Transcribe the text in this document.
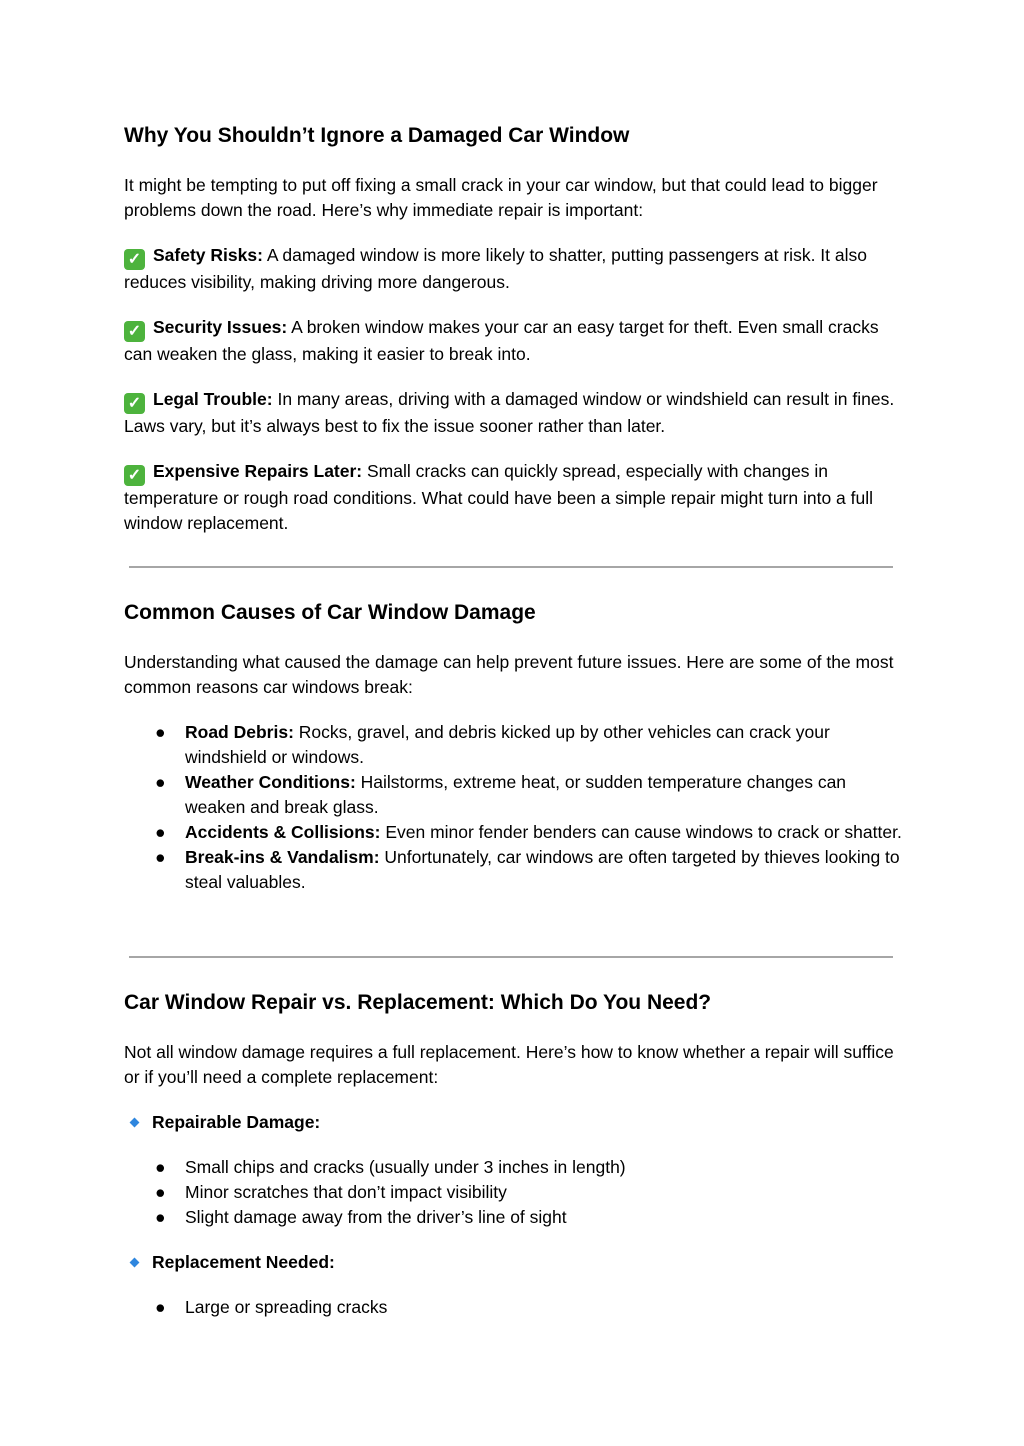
Why You Shouldn’t Ignore a Damaged Car Window

It might be tempting to put off fixing a small crack in your car window, but that could lead to bigger problems down the road. Here’s why immediate repair is important:

✓ Safety Risks: A damaged window is more likely to shatter, putting passengers at risk. It also reduces visibility, making driving more dangerous.

✓ Security Issues: A broken window makes your car an easy target for theft. Even small cracks can weaken the glass, making it easier to break into.

✓ Legal Trouble: In many areas, driving with a damaged window or windshield can result in fines. Laws vary, but it’s always best to fix the issue sooner rather than later.

✓ Expensive Repairs Later: Small cracks can quickly spread, especially with changes in temperature or rough road conditions. What could have been a simple repair might turn into a full window replacement.

Common Causes of Car Window Damage

Understanding what caused the damage can help prevent future issues. Here are some of the most common reasons car windows break:

● Road Debris: Rocks, gravel, and debris kicked up by other vehicles can crack your windshield or windows.
● Weather Conditions: Hailstorms, extreme heat, or sudden temperature changes can weaken and break glass.
● Accidents & Collisions: Even minor fender benders can cause windows to crack or shatter.
● Break-ins & Vandalism: Unfortunately, car windows are often targeted by thieves looking to steal valuables.
Car Window Repair vs. Replacement: Which Do You Need?

Not all window damage requires a full replacement. Here’s how to know whether a repair will suffice or if you’ll need a complete replacement:

Repairable Damage:

● Small chips and cracks (usually under 3 inches in length)
● Minor scratches that don’t impact visibility
● Slight damage away from the driver’s line of sight

Replacement Needed:

● Large or spreading cracks
